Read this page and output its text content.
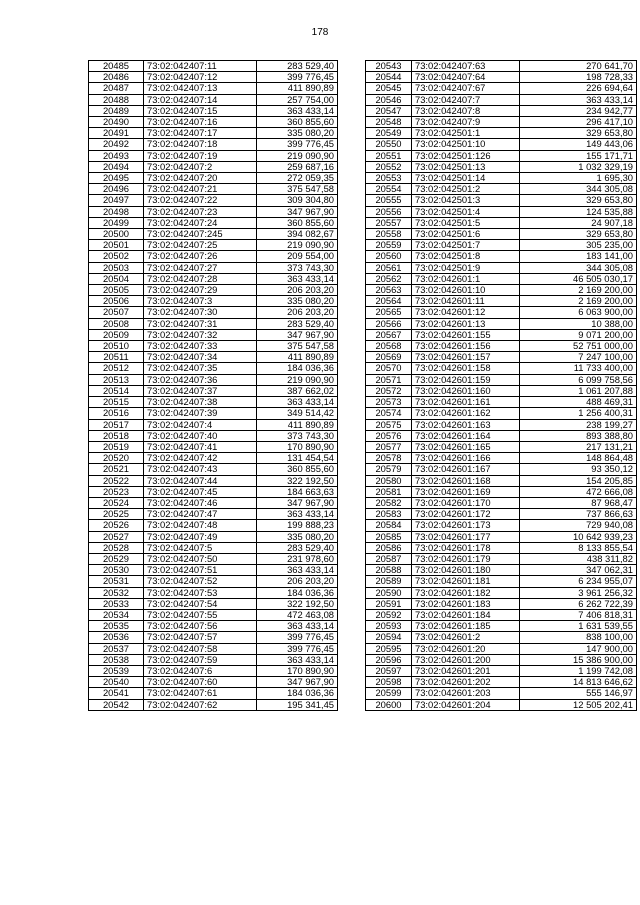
178
20485	73:02:042407:11	283 529,40
20486	73:02:042407:12	399 776,45
20487	73:02:042407:13	411 890,89
20488	73:02:042407:14	257 754,00
20489	73:02:042407:15	363 433,14
20490	73:02:042407:16	360 855,60
20491	73:02:042407:17	335 080,20
20492	73:02:042407:18	399 776,45
20493	73:02:042407:19	219 090,90
20494	73:02:042407:2	259 687,16
20495	73:02:042407:20	272 059,35
20496	73:02:042407:21	375 547,58
20497	73:02:042407:22	309 304,80
20498	73:02:042407:23	347 967,90
20499	73:02:042407:24	360 855,60
20500	73:02:042407:245	394 082,67
20501	73:02:042407:25	219 090,90
20502	73:02:042407:26	209 554,00
20503	73:02:042407:27	373 743,30
20504	73:02:042407:28	363 433,14
20505	73:02:042407:29	206 203,20
20506	73:02:042407:3	335 080,20
20507	73:02:042407:30	206 203,20
20508	73:02:042407:31	283 529,40
20509	73:02:042407:32	347 967,90
20510	73:02:042407:33	375 547,58
20511	73:02:042407:34	411 890,89
20512	73:02:042407:35	184 036,36
20513	73:02:042407:36	219 090,90
20514	73:02:042407:37	387 662,02
20515	73:02:042407:38	363 433,14
20516	73:02:042407:39	349 514,42
20517	73:02:042407:4	411 890,89
20518	73:02:042407:40	373 743,30
20519	73:02:042407:41	170 890,90
20520	73:02:042407:42	131 454,54
20521	73:02:042407:43	360 855,60
20522	73:02:042407:44	322 192,50
20523	73:02:042407:45	184 663,63
20524	73:02:042407:46	347 967,90
20525	73:02:042407:47	363 433,14
20526	73:02:042407:48	199 888,23
20527	73:02:042407:49	335 080,20
20528	73:02:042407:5	283 529,40
20529	73:02:042407:50	231 978,60
20530	73:02:042407:51	363 433,14
20531	73:02:042407:52	206 203,20
20532	73:02:042407:53	184 036,36
20533	73:02:042407:54	322 192,50
20534	73:02:042407:55	472 463,08
20535	73:02:042407:56	363 433,14
20536	73:02:042407:57	399 776,45
20537	73:02:042407:58	399 776,45
20538	73:02:042407:59	363 433,14
20539	73:02:042407:6	170 890,90
20540	73:02:042407:60	347 967,90
20541	73:02:042407:61	184 036,36
20542	73:02:042407:62	195 341,45
20543	73:02:042407:63	270 641,70
20544	73:02:042407:64	198 728,33
20545	73:02:042407:67	226 694,64
20546	73:02:042407:7	363 433,14
20547	73:02:042407:8	234 942,77
20548	73:02:042407:9	296 417,10
20549	73:02:042501:1	329 653,80
20550	73:02:042501:10	149 443,06
20551	73:02:042501:126	155 171,71
20552	73:02:042501:13	1 032 329,19
20553	73:02:042501:14	1 695,30
20554	73:02:042501:2	344 305,08
20555	73:02:042501:3	329 653,80
20556	73:02:042501:4	124 535,88
20557	73:02:042501:5	24 907,18
20558	73:02:042501:6	329 653,80
20559	73:02:042501:7	305 235,00
20560	73:02:042501:8	183 141,00
20561	73:02:042501:9	344 305,08
20562	73:02:042601:1	46 505 030,17
20563	73:02:042601:10	2 169 200,00
20564	73:02:042601:11	2 169 200,00
20565	73:02:042601:12	6 063 900,00
20566	73:02:042601:13	10 388,00
20567	73:02:042601:155	9 071 200,00
20568	73:02:042601:156	52 751 000,00
20569	73:02:042601:157	7 247 100,00
20570	73:02:042601:158	11 733 400,00
20571	73:02:042601:159	6 099 758,56
20572	73:02:042601:160	1 061 207,88
20573	73:02:042601:161	488 469,31
20574	73:02:042601:162	1 256 400,31
20575	73:02:042601:163	238 199,27
20576	73:02:042601:164	893 388,80
20577	73:02:042601:165	217 131,21
20578	73:02:042601:166	148 864,48
20579	73:02:042601:167	93 350,12
20580	73:02:042601:168	154 205,85
20581	73:02:042601:169	472 666,08
20582	73:02:042601:170	87 968,47
20583	73:02:042601:172	737 866,63
20584	73:02:042601:173	729 940,08
20585	73:02:042601:177	10 642 939,23
20586	73:02:042601:178	8 133 855,54
20587	73:02:042601:179	438 311,82
20588	73:02:042601:180	347 062,31
20589	73:02:042601:181	6 234 955,07
20590	73:02:042601:182	3 961 256,32
20591	73:02:042601:183	6 262 722,39
20592	73:02:042601:184	7 406 818,31
20593	73:02:042601:185	1 631 539,55
20594	73:02:042601:2	838 100,00
20595	73:02:042601:20	147 900,00
20596	73:02:042601:200	15 386 900,00
20597	73:02:042601:201	1 199 742,08
20598	73:02:042601:202	14 813 646,62
20599	73:02:042601:203	555 146,97
20600	73:02:042601:204	12 505 202,41
